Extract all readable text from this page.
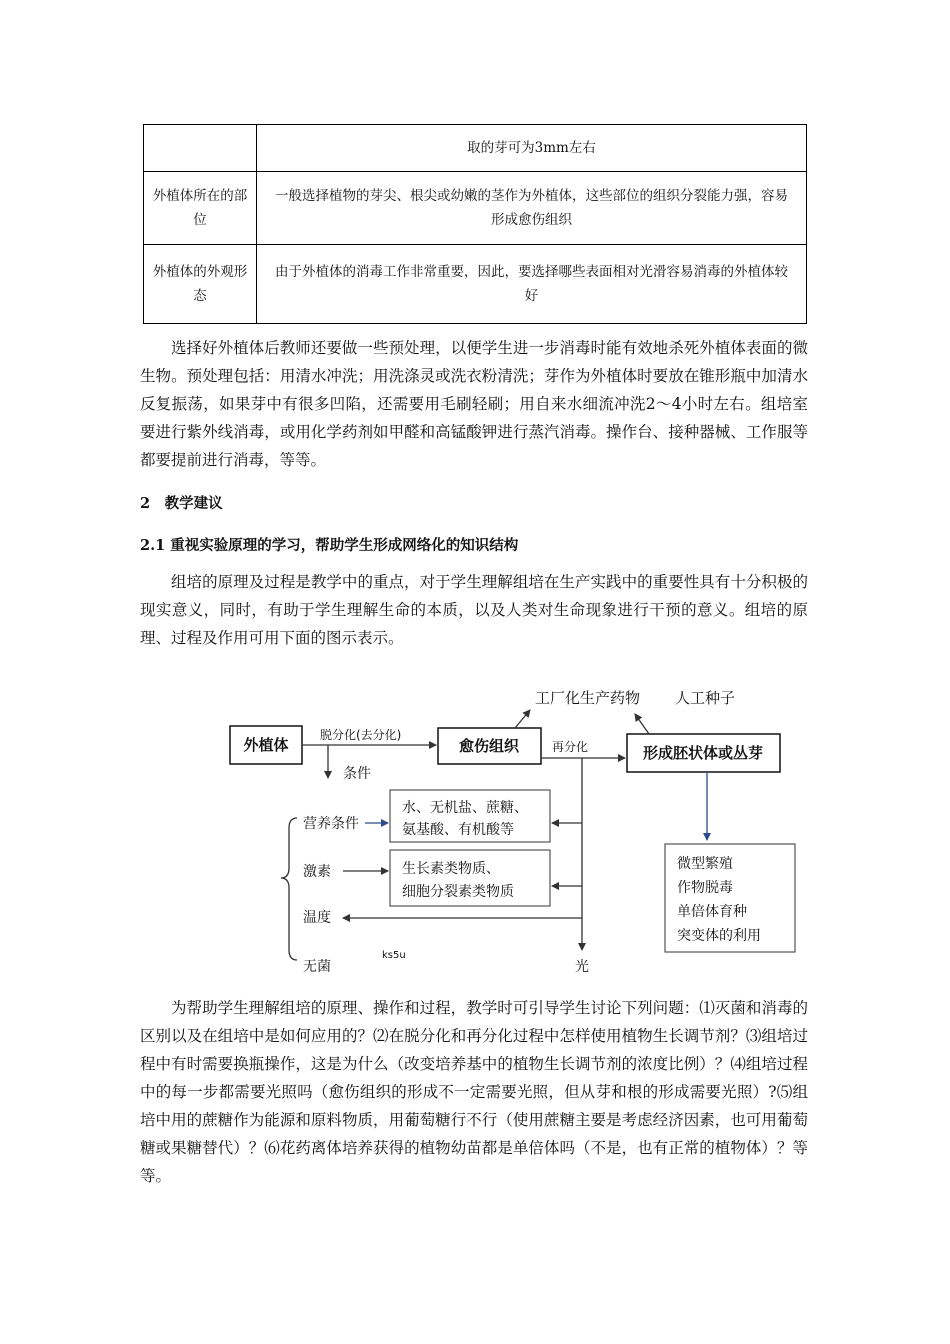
	取的芽可为3mm左右
外植体所在的部位	一般选择植物的芽尖、根尖或幼嫩的茎作为外植体，这些部位的组织分裂能力强，容易形成愈伤组织
外植体的外观形态	由于外植体的消毒工作非常重要，因此，要选择哪些表面相对光滑容易消毒的外植体较好

选择好外植体后教师还要做一些预处理，以便学生进一步消毒时能有效地杀死外植体表面的微生物。预处理包括：用清水冲洗；用洗涤灵或洗衣粉清洗；芽作为外植体时要放在锥形瓶中加清水反复振荡，如果芽中有很多凹陷，还需要用毛刷轻刷；用自来水细流冲洗2～4小时左右。组培室要进行紫外线消毒，或用化学药剂如甲醛和高锰酸钾进行蒸汽消毒。操作台、接种器械、工作服等都要提前进行消毒，等等。

2　教学建议

2.1 重视实验原理的学习，帮助学生形成网络化的知识结构

组培的原理及过程是教学中的重点，对于学生理解组培在生产实践中的重要性具有十分积极的现实意义，同时，有助于学生理解生命的本质，以及人类对生命现象进行干预的意义。组培的原理、过程及作用可用下面的图示表示。

外植体	愈伤组织	形成胚状体或丛芽
工厂化生产药物 人工种子
脱分化(去分化)
再分化
条件
营养条件
激素
温度
无菌
ks5u
水、无机盐、蔗糖、
氨基酸、有机酸等
生长素类物质、
细胞分裂素类物质
光
微型繁殖
作物脱毒
单倍体育种
突变体的利用

为帮助学生理解组培的原理、操作和过程，教学时可引导学生讨论下列问题：⑴灭菌和消毒的区别以及在组培中是如何应用的？⑵在脱分化和再分化过程中怎样使用植物生长调节剂？⑶组培过程中有时需要换瓶操作，这是为什么（改变培养基中的植物生长调节剂的浓度比例）？⑷组培过程中的每一步都需要光照吗（愈伤组织的形成不一定需要光照，但从芽和根的形成需要光照）?⑸组培中用的蔗糖作为能源和原料物质，用葡萄糖行不行（使用蔗糖主要是考虑经济因素，也可用葡萄糖或果糖替代）？⑹花药离体培养获得的植物幼苗都是单倍体吗（不是，也有正常的植物体）？等等。
